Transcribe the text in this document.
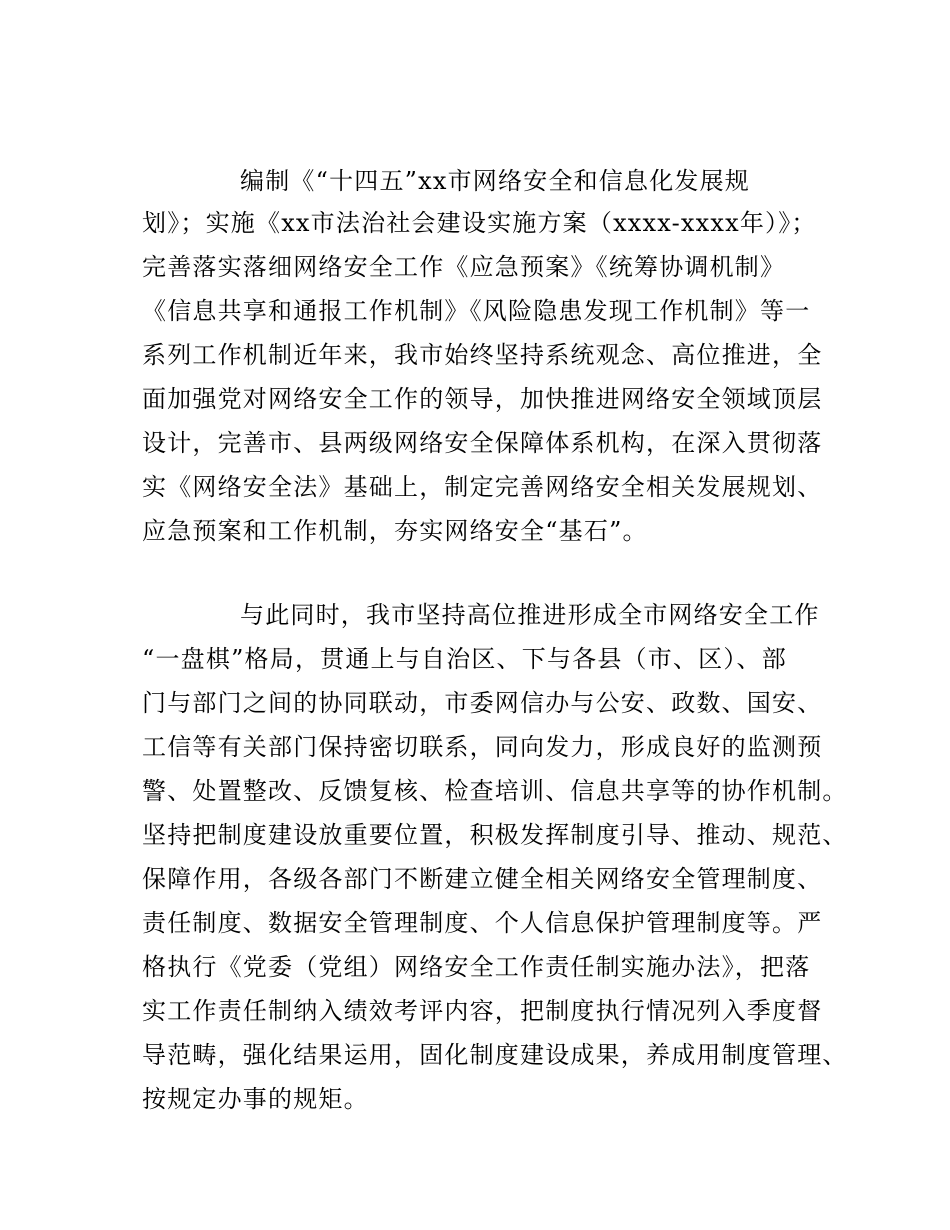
编制《“十四五”xx市网络安全和信息化发展规
划》；实施《xx市法治社会建设实施方案（xxxx-xxxx年）》；
完善落实落细网络安全工作《应急预案》《统筹协调机制》
《信息共享和通报工作机制》《风险隐患发现工作机制》等一
系列工作机制近年来，我市始终坚持系统观念、高位推进，全
面加强党对网络安全工作的领导，加快推进网络安全领域顶层
设计，完善市、县两级网络安全保障体系机构，在深入贯彻落
实《网络安全法》基础上，制定完善网络安全相关发展规划、
应急预案和工作机制，夯实网络安全“基石”。
与此同时，我市坚持高位推进形成全市网络安全工作
“一盘棋”格局，贯通上与自治区、下与各县（市、区）、部
门与部门之间的协同联动，市委网信办与公安、政数、国安、
工信等有关部门保持密切联系，同向发力，形成良好的监测预
警、处置整改、反馈复核、检查培训、信息共享等的协作机制。
坚持把制度建设放重要位置，积极发挥制度引导、推动、规范、
保障作用，各级各部门不断建立健全相关网络安全管理制度、
责任制度、数据安全管理制度、个人信息保护管理制度等。严
格执行《党委（党组）网络安全工作责任制实施办法》，把落
实工作责任制纳入绩效考评内容，把制度执行情况列入季度督
导范畴，强化结果运用，固化制度建设成果，养成用制度管理、
按规定办事的规矩。
